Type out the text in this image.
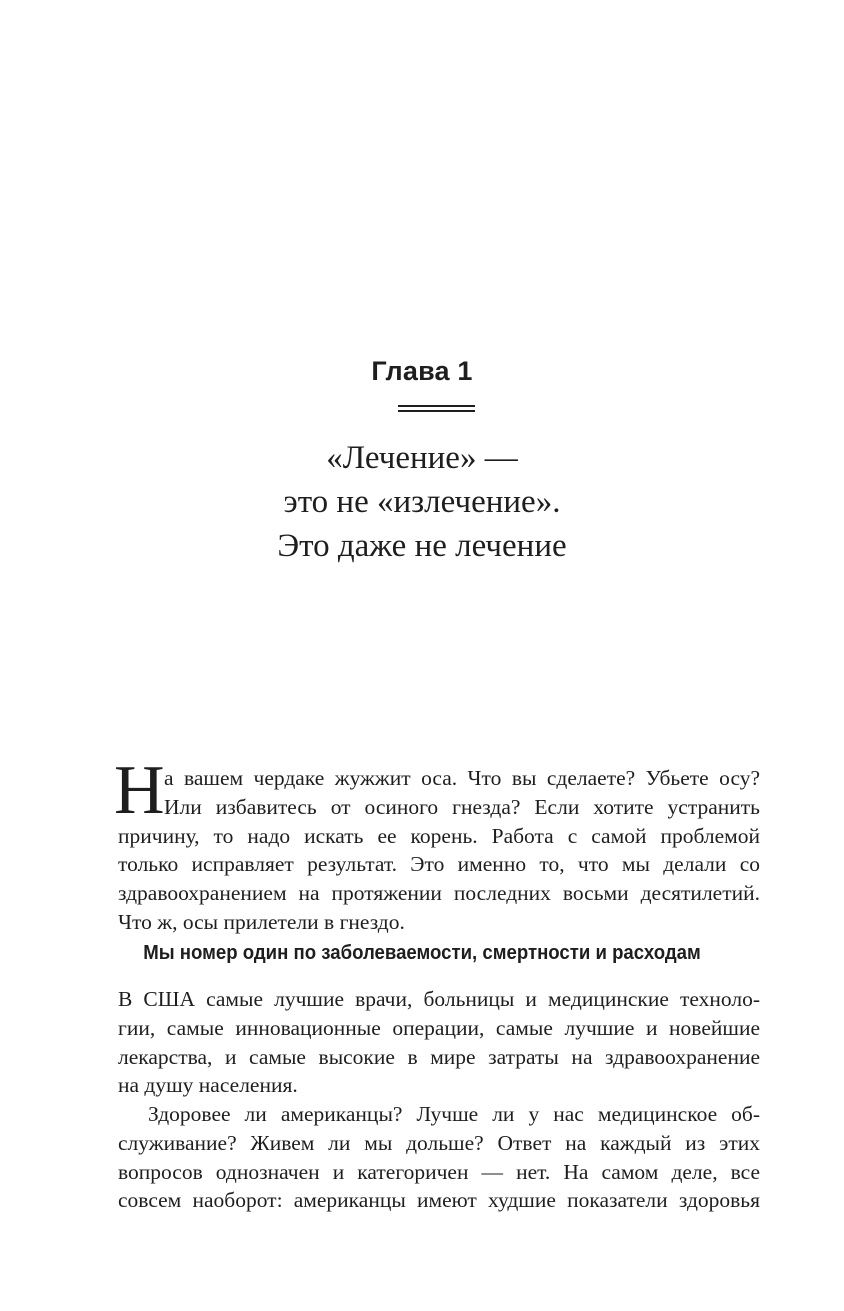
Глава 1
«Лечение» —
это не «излечение».
Это даже не лечение
Н а вашем чердаке жужжит оса. Что вы сделаете? Убьете осу?
Или избавитесь от осиного гнезда? Если хотите устранить
причину, то надо искать ее корень. Работа с самой проблемой
только исправляет результат. Это именно то, что мы делали со
здравоохранением на протяжении последних восьми десятилетий.
Что ж, осы прилетели в гнездо.
Мы номер один по заболеваемости, смертности и расходам
В США самые лучшие врачи, больницы и медицинские техноло-
гии, самые инновационные операции, самые лучшие и новейшие
лекарства, и самые высокие в мире затраты на здравоохранение
на душу населения.
Здоровее ли американцы? Лучше ли у нас медицинское об-
служивание? Живем ли мы дольше? Ответ на каждый из этих
вопросов однозначен и категоричен — нет. На самом деле, все
совсем наоборот: американцы имеют худшие показатели здоровья
